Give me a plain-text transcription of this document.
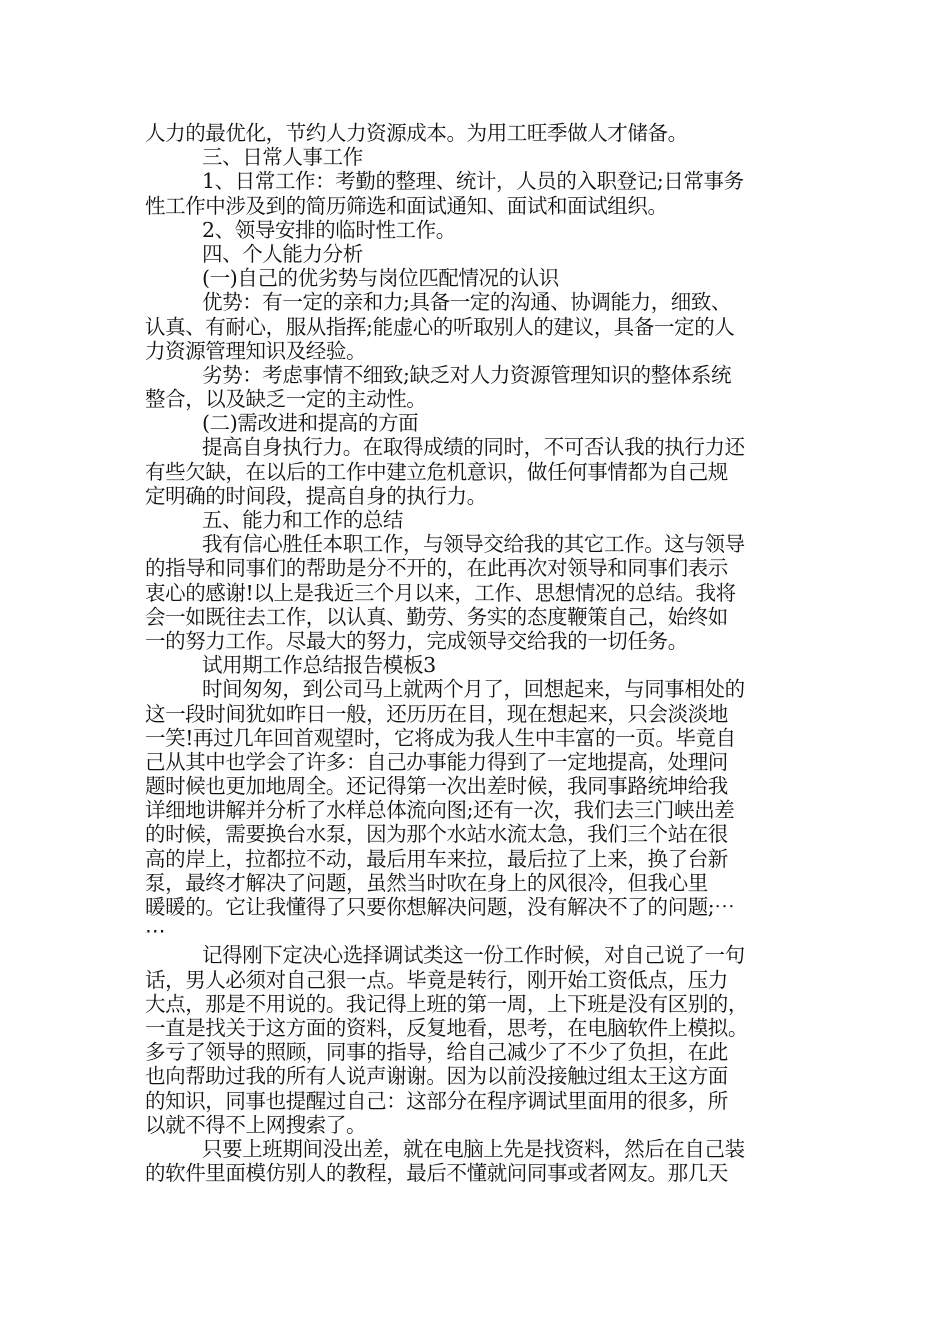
人力的最优化，节约人力资源成本。为用工旺季做人才储备。
三、日常人事工作
1、日常工作：考勤的整理、统计，人员的入职登记;日常事务
性工作中涉及到的简历筛选和面试通知、面试和面试组织。
2、领导安排的临时性工作。
四、个人能力分析
(一)自己的优劣势与岗位匹配情况的认识
优势：有一定的亲和力;具备一定的沟通、协调能力，细致、
认真、有耐心，服从指挥;能虚心的听取别人的建议，具备一定的人
力资源管理知识及经验。
劣势：考虑事情不细致;缺乏对人力资源管理知识的整体系统
整合，以及缺乏一定的主动性。
(二)需改进和提高的方面
提高自身执行力。在取得成绩的同时，不可否认我的执行力还
有些欠缺，在以后的工作中建立危机意识，做任何事情都为自己规
定明确的时间段，提高自身的执行力。
五、能力和工作的总结
我有信心胜任本职工作，与领导交给我的其它工作。这与领导
的指导和同事们的帮助是分不开的，在此再次对领导和同事们表示
衷心的感谢!以上是我近三个月以来，工作、思想情况的总结。我将
会一如既往去工作，以认真、勤劳、务实的态度鞭策自己，始终如
一的努力工作。尽最大的努力，完成领导交给我的一切任务。
试用期工作总结报告模板3
时间匆匆，到公司马上就两个月了，回想起来，与同事相处的
这一段时间犹如昨日一般，还历历在目，现在想起来，只会淡淡地
一笑!再过几年回首观望时，它将成为我人生中丰富的一页。毕竟自
己从其中也学会了许多：自己办事能力得到了一定地提高，处理问
题时候也更加地周全。还记得第一次出差时候，我同事路统坤给我
详细地讲解并分析了水样总体流向图;还有一次，我们去三门峡出差
的时候，需要换台水泵，因为那个水站水流太急，我们三个站在很
高的岸上，拉都拉不动，最后用车来拉，最后拉了上来，换了台新
泵，最终才解决了问题，虽然当时吹在身上的风很冷，但我心里
暖暖的。它让我懂得了只要你想解决问题，没有解决不了的问题;⋯
⋯
记得刚下定决心选择调试类这一份工作时候，对自己说了一句
话，男人必须对自己狠一点。毕竟是转行，刚开始工资低点，压力
大点，那是不用说的。我记得上班的第一周，上下班是没有区别的，
一直是找关于这方面的资料，反复地看，思考，在电脑软件上模拟。
多亏了领导的照顾，同事的指导，给自己减少了不少了负担，在此
也向帮助过我的所有人说声谢谢。因为以前没接触过组太王这方面
的知识，同事也提醒过自己：这部分在程序调试里面用的很多，所
以就不得不上网搜索了。
只要上班期间没出差，就在电脑上先是找资料，然后在自己装
的软件里面模仿别人的教程，最后不懂就问同事或者网友。那几天
